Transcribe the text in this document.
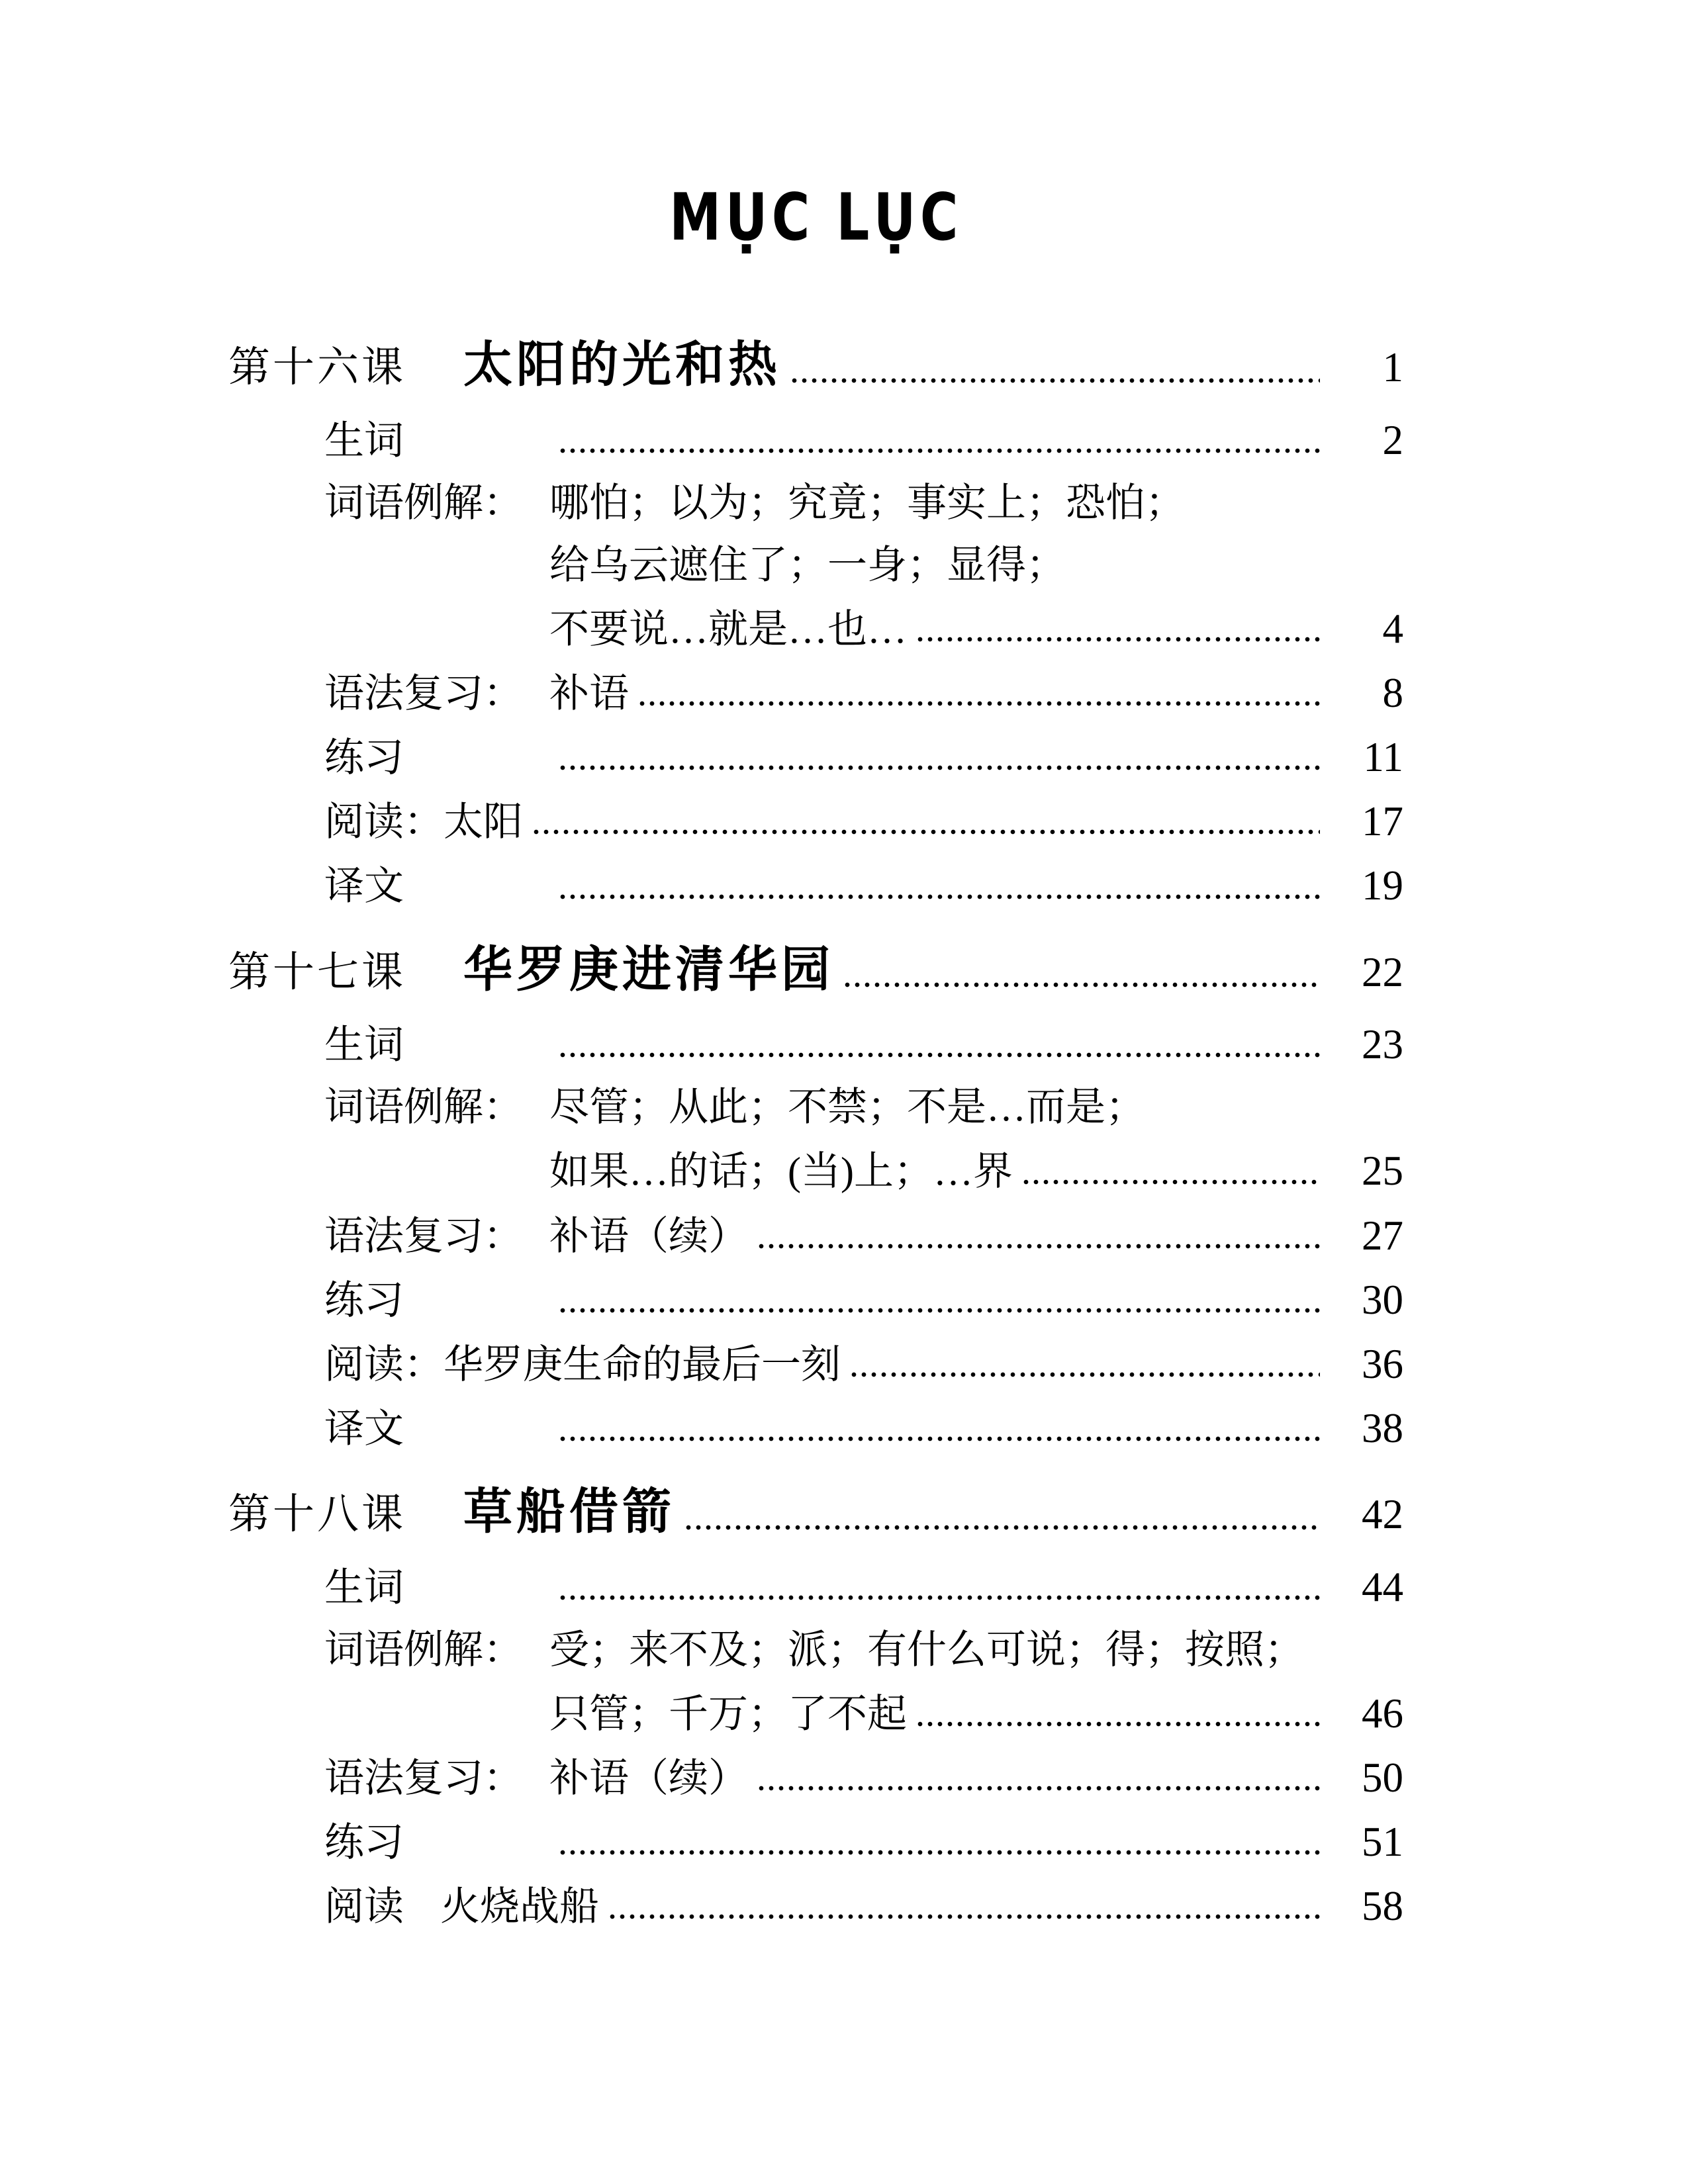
MỤC LỤC
第十六课	太阳的光和热	1
生词	2
词语例解： 哪怕；以为；究竟；事实上；恐怕；
给乌云遮住了；一身；显得；
不要说…就是…也…	4
语法复习： 补语	8
练习	11
阅读： 太阳	17
译文	19
第十七课	华罗庚进清华园	22
生词	23
词语例解： 尽管；从此；不禁；不是…而是；
如果…的话；(当)上；…界	25
语法复习： 补语（续）	27
练习	30
阅读： 华罗庚生命的最后一刻	36
译文	38
第十八课	草船借箭	42
生词	44
词语例解： 受；来不及；派；有什么可说；得；按照；
只管；千万；了不起	46
语法复习： 补语（续）	50
练习	51
阅读 火烧战船	58
